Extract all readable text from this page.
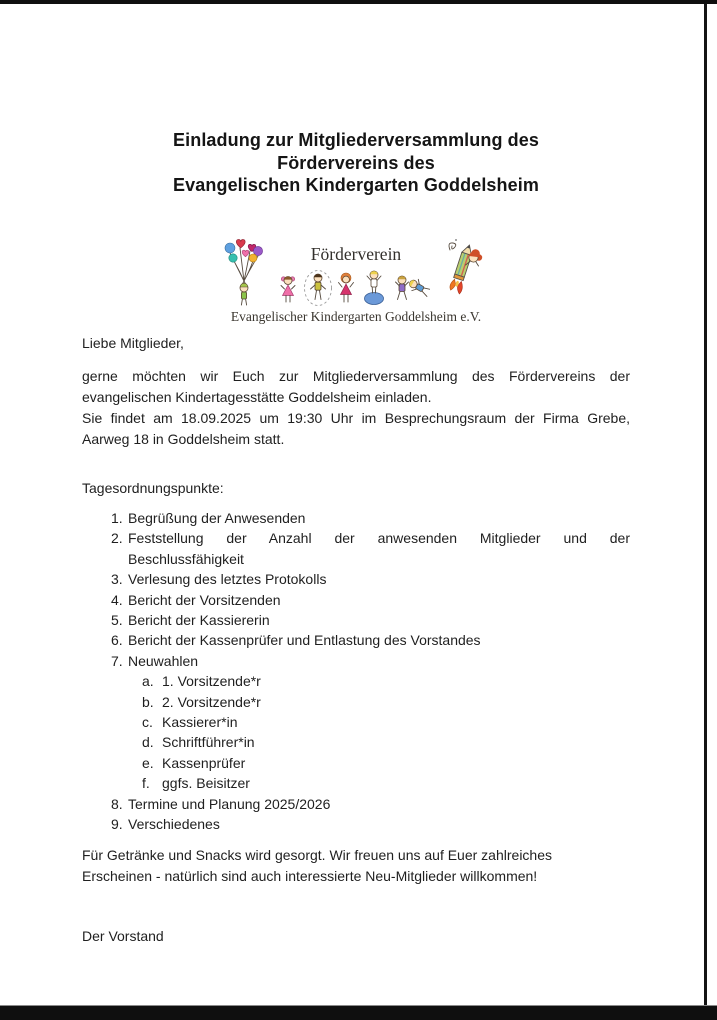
Einladung zur Mitgliederversammlung des
Fördervereins des
Evangelischen Kindergarten Goddelsheim
Förderverein
Evangelischer Kindergarten Goddelsheim e.V.
Liebe Mitglieder,
gerne möchten wir Euch zur Mitgliederversammlung des Fördervereins der
evangelischen Kindertagesstätte Goddelsheim einladen.
Sie findet am 18.09.2025 um 19:30 Uhr im Besprechungsraum der Firma Grebe,
Aarweg 18 in Goddelsheim statt.
Tagesordnungspunkte:
1. Begrüßung der Anwesenden
2. Feststellung der Anzahl der anwesenden Mitglieder und der
Beschlussfähigkeit
3. Verlesung des letztes Protokolls
4. Bericht der Vorsitzenden
5. Bericht der Kassiererin
6. Bericht der Kassenprüfer und Entlastung des Vorstandes
7. Neuwahlen
a. 1. Vorsitzende*r
b. 2. Vorsitzende*r
c. Kassierer*in
d. Schriftführer*in
e. Kassenprüfer
f. ggfs. Beisitzer
8. Termine und Planung 2025/2026
9. Verschiedenes
Für Getränke und Snacks wird gesorgt. Wir freuen uns auf Euer zahlreiches
Erscheinen - natürlich sind auch interessierte Neu-Mitglieder willkommen!
Der Vorstand
